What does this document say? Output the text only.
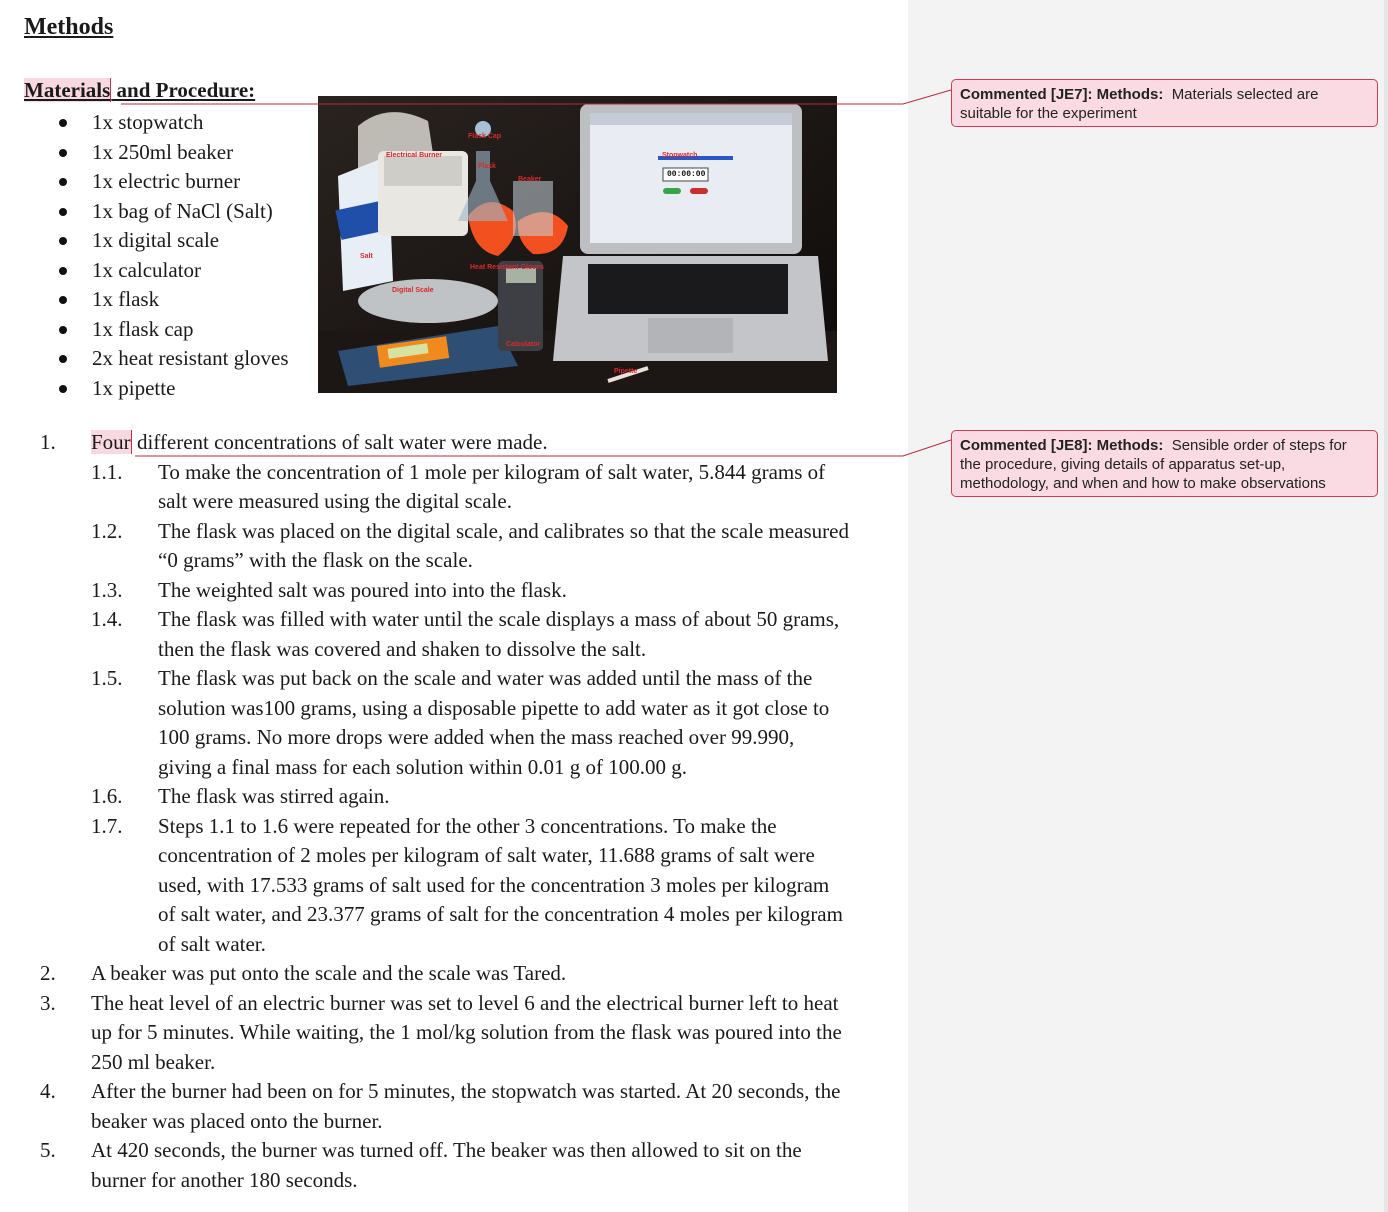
Methods
Materials and Procedure:
1x stopwatch
1x 250ml beaker
1x electric burner
1x bag of NaCl (Salt)
1x digital scale
1x calculator
1x flask
1x flask cap
2x heat resistant gloves
1x pipette
Flask Cap
Electrical Burner
Flask
Beaker
Salt
Heat Resistant Gloves
Digital Scale
Calculator
Pipette
Stopwatch
00:00:00
1. Four different concentrations of salt water were made.
1.1. To make the concentration of 1 mole per kilogram of salt water, 5.844 grams of
salt were measured using the digital scale.
1.2. The flask was placed on the digital scale, and calibrates so that the scale measured
“0 grams” with the flask on the scale.
1.3. The weighted salt was poured into into the flask.
1.4. The flask was filled with water until the scale displays a mass of about 50 grams,
then the flask was covered and shaken to dissolve the salt.
1.5. The flask was put back on the scale and water was added until the mass of the
solution was100 grams, using a disposable pipette to add water as it got close to
100 grams. No more drops were added when the mass reached over 99.990,
giving a final mass for each solution within 0.01 g of 100.00 g.
1.6. The flask was stirred again.
1.7. Steps 1.1 to 1.6 were repeated for the other 3 concentrations. To make the
concentration of 2 moles per kilogram of salt water, 11.688 grams of salt were
used, with 17.533 grams of salt used for the concentration 3 moles per kilogram
of salt water, and 23.377 grams of salt for the concentration 4 moles per kilogram
of salt water.
2. A beaker was put onto the scale and the scale was Tared.
3. The heat level of an electric burner was set to level 6 and the electrical burner left to heat
up for 5 minutes. While waiting, the 1 mol/kg solution from the flask was poured into the
250 ml beaker.
4. After the burner had been on for 5 minutes, the stopwatch was started. At 20 seconds, the
beaker was placed onto the burner.
5. At 420 seconds, the burner was turned off. The beaker was then allowed to sit on the
burner for another 180 seconds.
Commented [JE7]: Methods: Materials selected are suitable for the experiment
Commented [JE8]: Methods: Sensible order of steps for the procedure, giving details of apparatus set-up, methodology, and when and how to make observations
